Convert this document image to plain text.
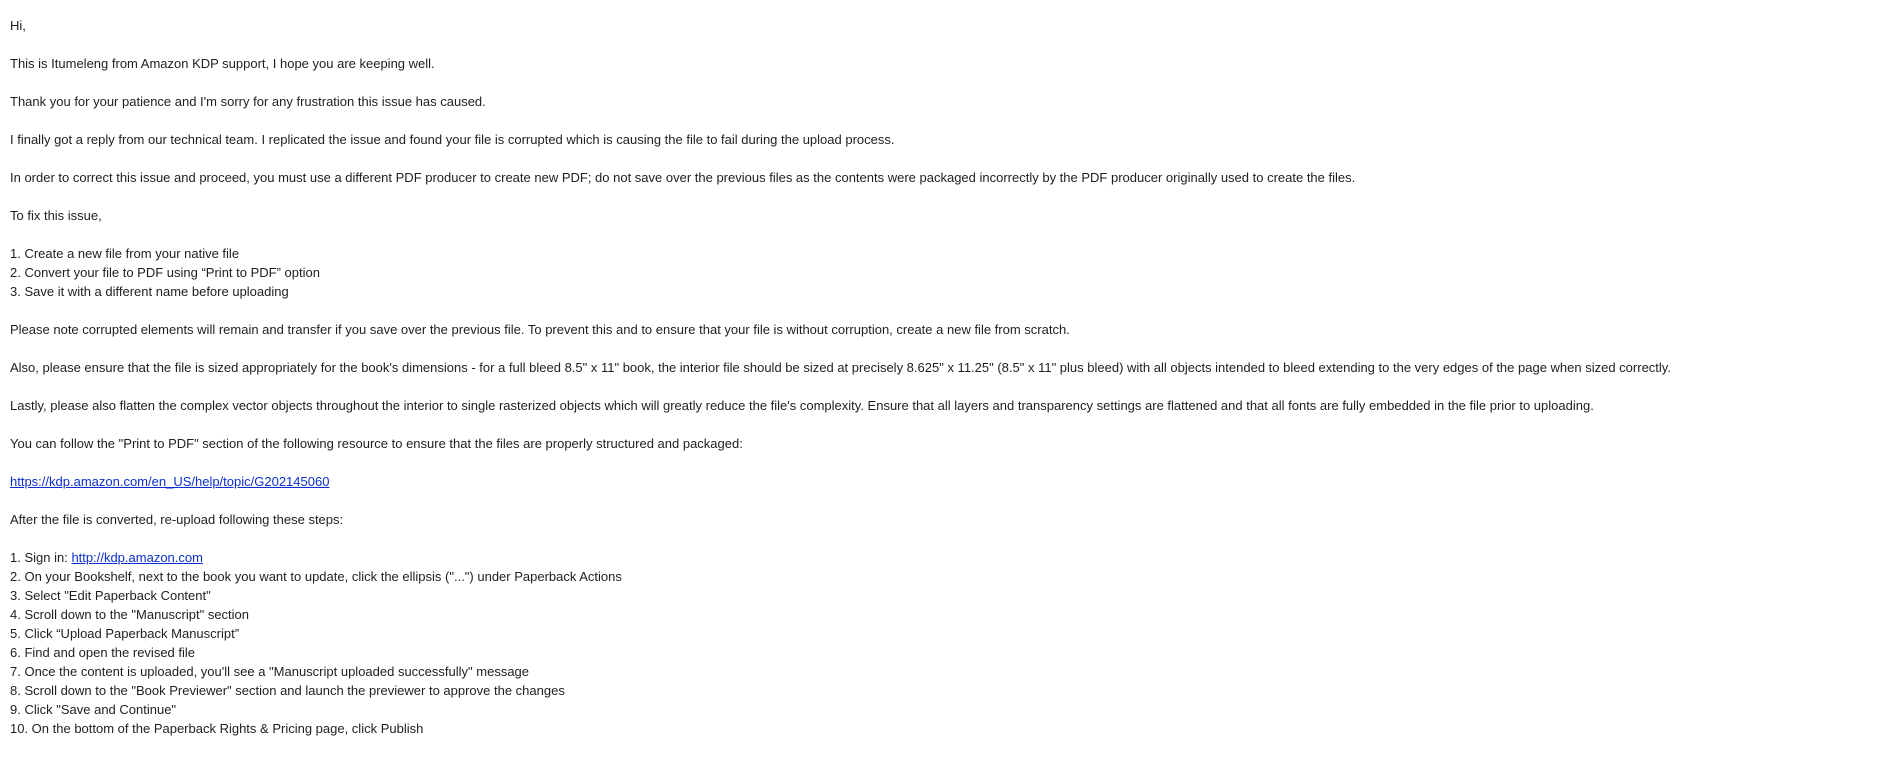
Hi,
This is Itumeleng from Amazon KDP support, I hope you are keeping well.
Thank you for your patience and I'm sorry for any frustration this issue has caused.
I finally got a reply from our technical team. I replicated the issue and found your file is corrupted which is causing the file to fail during the upload process.
In order to correct this issue and proceed, you must use a different PDF producer to create new PDF; do not save over the previous files as the contents were packaged incorrectly by the PDF producer originally used to create the files.
To fix this issue,
1. Create a new file from your native file
2. Convert your file to PDF using “Print to PDF” option
3. Save it with a different name before uploading
Please note corrupted elements will remain and transfer if you save over the previous file. To prevent this and to ensure that your file is without corruption, create a new file from scratch.
Also, please ensure that the file is sized appropriately for the book's dimensions - for a full bleed 8.5" x 11" book, the interior file should be sized at precisely 8.625" x 11.25" (8.5" x 11" plus bleed) with all objects intended to bleed extending to the very edges of the page when sized correctly.
Lastly, please also flatten the complex vector objects throughout the interior to single rasterized objects which will greatly reduce the file's complexity. Ensure that all layers and transparency settings are flattened and that all fonts are fully embedded in the file prior to uploading.
You can follow the "Print to PDF" section of the following resource to ensure that the files are properly structured and packaged:
https://kdp.amazon.com/en_US/help/topic/G202145060
After the file is converted, re-upload following these steps:
1. Sign in: http://kdp.amazon.com
2. On your Bookshelf, next to the book you want to update, click the ellipsis ("...") under Paperback Actions
3. Select "Edit Paperback Content"
4. Scroll down to the "Manuscript" section
5. Click “Upload Paperback Manuscript”
6. Find and open the revised file
7. Once the content is uploaded, you'll see a "Manuscript uploaded successfully" message
8. Scroll down to the "Book Previewer" section and launch the previewer to approve the changes
9. Click "Save and Continue"
10. On the bottom of the Paperback Rights & Pricing page, click Publish
